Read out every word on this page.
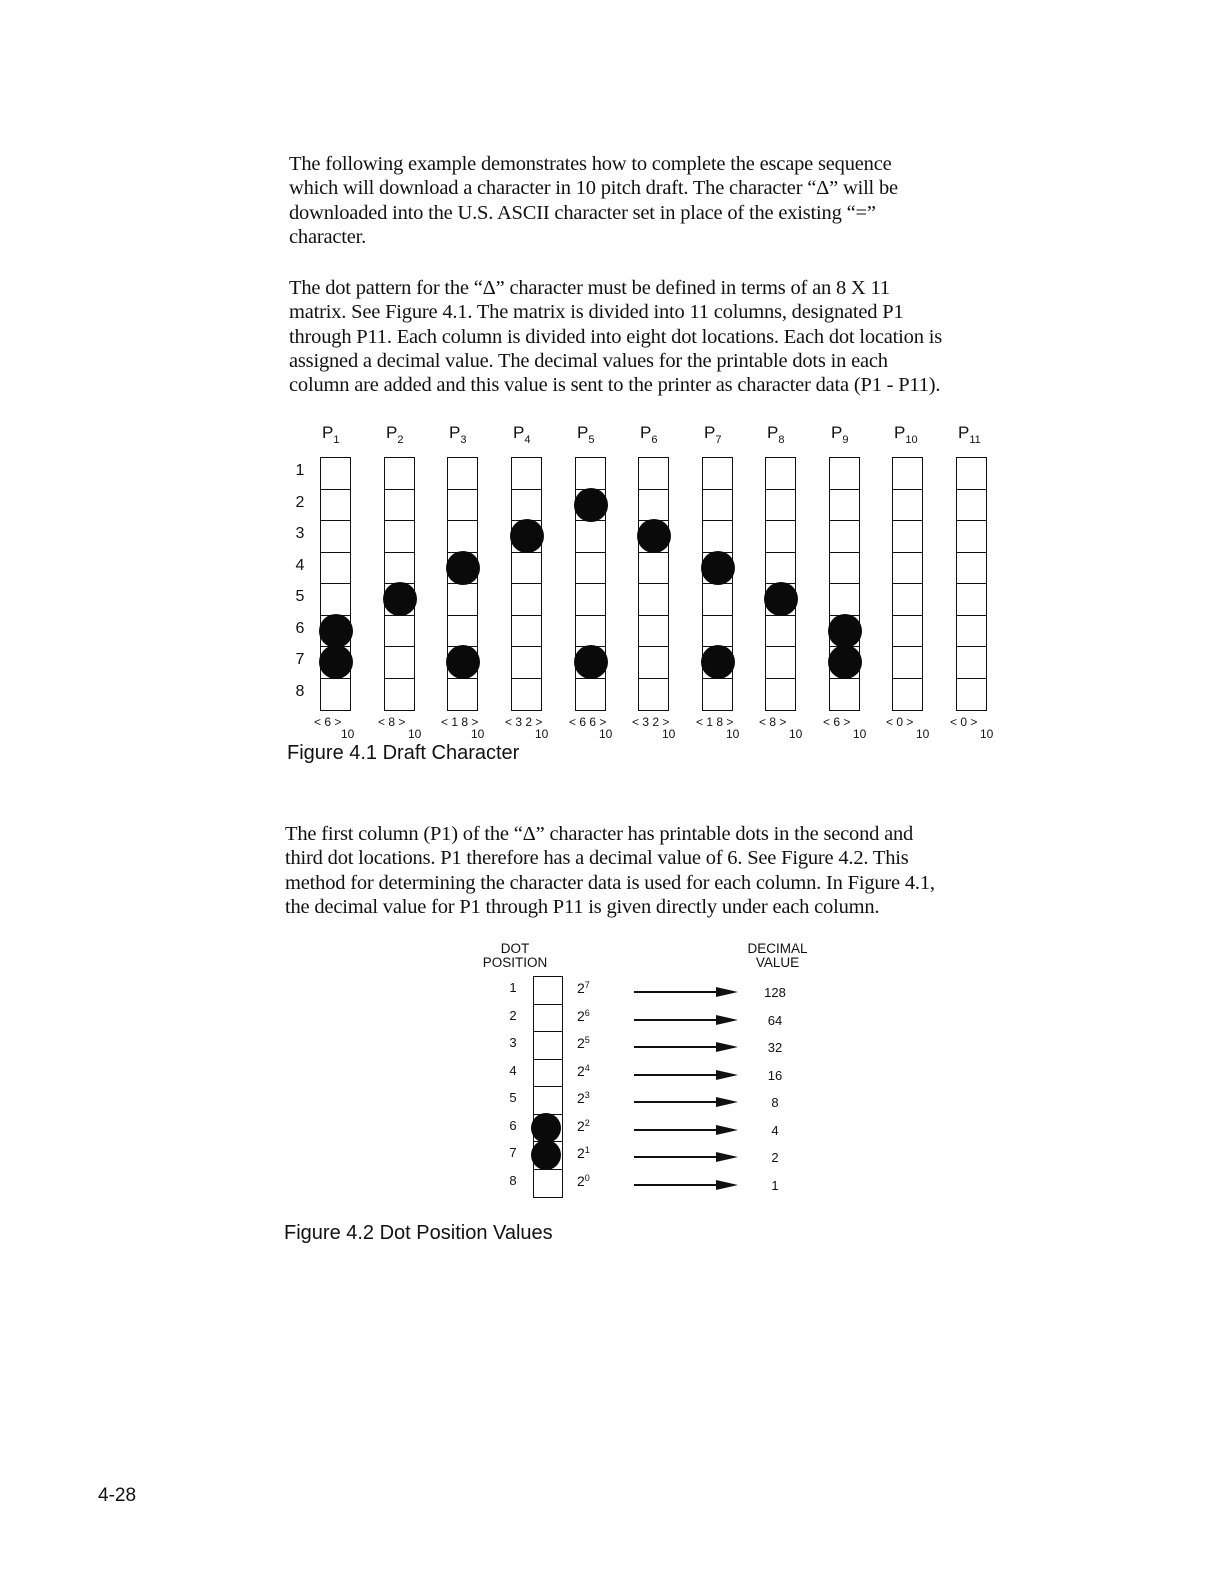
The following example demonstrates how to complete the escape sequence
which will download a character in 10 pitch draft. The character “Δ” will be
downloaded into the U.S. ASCII character set in place of the existing “=”
character.
The dot pattern for the “Δ” character must be defined in terms of an 8 X 11
matrix. See Figure 4.1. The matrix is divided into 11 columns, designated P1
through P11. Each column is divided into eight dot locations. Each dot location is
assigned a decimal value. The decimal values for the printable dots in each
column are added and this value is sent to the printer as character data (P1 - P11).
1
2
3
4
5
6
7
8
$P_1$
< 6 >
10
$P_2$
< 8 >
10
$P_3$
< 1 8 >
10
$P_4$
< 3 2 >
10
$P_5$
< 6 6 >
10
$P_6$
< 3 2 >
10
$P_7$
< 1 8 >
10
$P_8$
< 8 >
10
$P_9$
< 6 >
10
$P_{10}$
< 0 >
10
$P_{11}$
< 0 >
10
Figure 4.1 Draft Character
The first column (P1) of the “Δ” character has printable dots in the second and
third dot locations. P1 therefore has a decimal value of 6. See Figure 4.2. This
method for determining the character data is used for each column. In Figure 4.1,
the decimal value for P1 through P11 is given directly under each column.
DOT
POSITION
DECIMAL
VALUE
1	$2^7$	128
2	$2^6$	64
3	$2^5$	32
4	$2^4$	16
5	$2^3$	8
6	$2^2$	4
7	$2^1$	2
8	$2^0$	1
Figure 4.2 Dot Position Values
4-28
